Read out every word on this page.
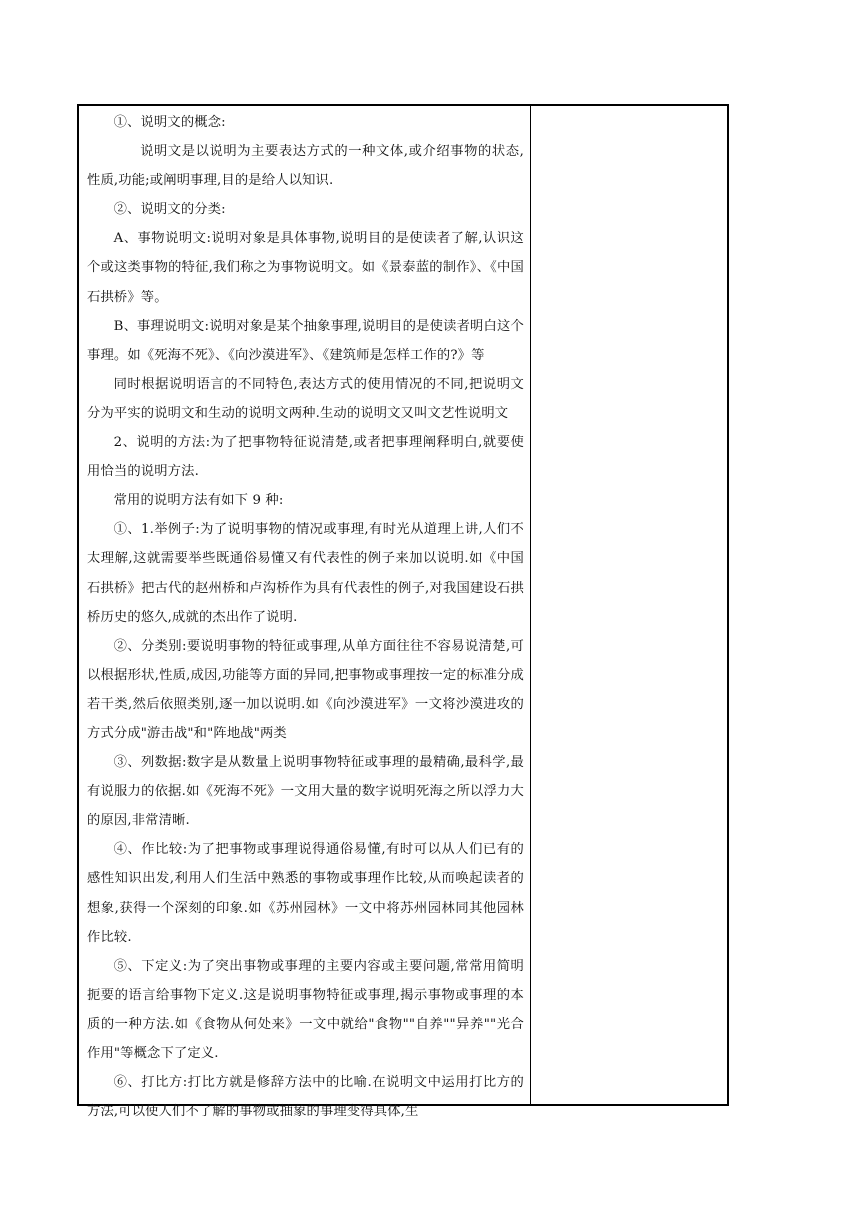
①、说明文的概念:

说明文是以说明为主要表达方式的一种文体,或介绍事物的状态,性质,功能;或阐明事理,目的是给人以知识.

②、说明文的分类:

A、事物说明文:说明对象是具体事物,说明目的是使读者了解,认识这个或这类事物的特征,我们称之为事物说明文。如《景泰蓝的制作》、《中国石拱桥》等。

B、事理说明文:说明对象是某个抽象事理,说明目的是使读者明白这个事理。如《死海不死》、《向沙漠进军》、《建筑师是怎样工作的?》等

同时根据说明语言的不同特色,表达方式的使用情况的不同,把说明文分为平实的说明文和生动的说明文两种.生动的说明文又叫文艺性说明文

2、说明的方法:为了把事物特征说清楚,或者把事理阐释明白,就要使用恰当的说明方法.

常用的说明方法有如下 9 种:

①、1.举例子:为了说明事物的情况或事理,有时光从道理上讲,人们不太理解,这就需要举些既通俗易懂又有代表性的例子来加以说明.如《中国石拱桥》把古代的赵州桥和卢沟桥作为具有代表性的例子,对我国建设石拱桥历史的悠久,成就的杰出作了说明.

②、分类别:要说明事物的特征或事理,从单方面往往不容易说清楚,可以根据形状,性质,成因,功能等方面的异同,把事物或事理按一定的标准分成若干类,然后依照类别,逐一加以说明.如《向沙漠进军》一文将沙漠进攻的方式分成"游击战"和"阵地战"两类

③、列数据:数字是从数量上说明事物特征或事理的最精确,最科学,最有说服力的依据.如《死海不死》一文用大量的数字说明死海之所以浮力大的原因,非常清晰.

④、作比较:为了把事物或事理说得通俗易懂,有时可以从人们已有的感性知识出发,利用人们生活中熟悉的事物或事理作比较,从而唤起读者的想象,获得一个深刻的印象.如《苏州园林》一文中将苏州园林同其他园林作比较.

⑤、下定义:为了突出事物或事理的主要内容或主要问题,常常用简明扼要的语言给事物下定义.这是说明事物特征或事理,揭示事物或事理的本质的一种方法.如《食物从何处来》一文中就给"食物""自养""异养""光合作用"等概念下了定义.

⑥、打比方:打比方就是修辞方法中的比喻.在说明文中运用打比方的方法,可以使人们不了解的事物或抽象的事理变得具体,生
